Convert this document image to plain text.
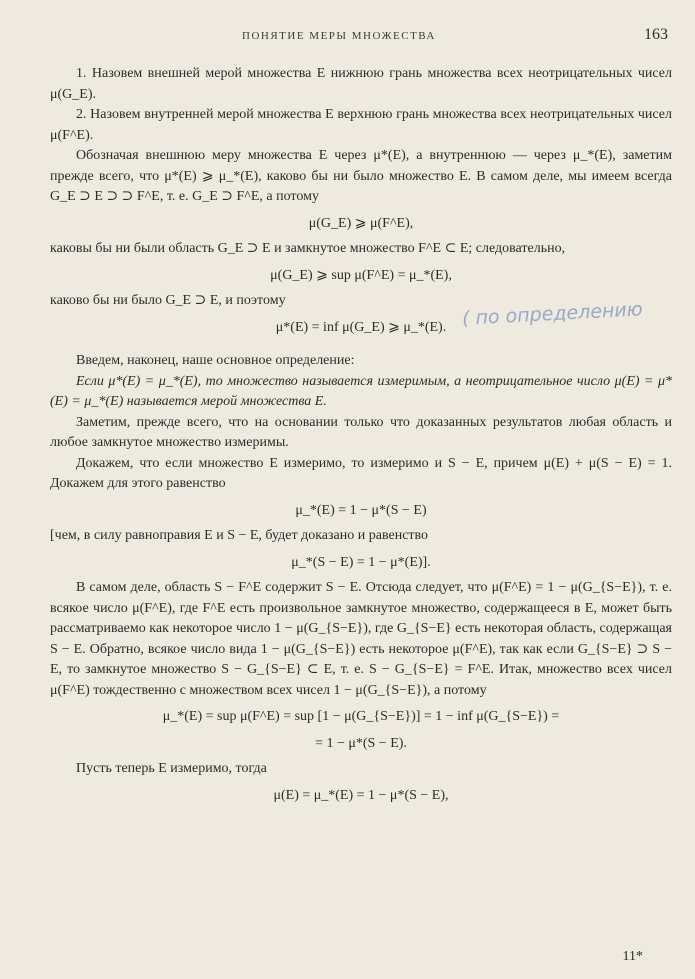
ПОНЯТИЕ МЕРЫ МНОЖЕСТВА	163

1. Назовем внешней мерой множества E нижнюю грань множества всех неотрицательных чисел μ(G_E).

2. Назовем внутренней мерой множества E верхнюю грань множества всех неотрицательных чисел μ(F^E).

Обозначая внешнюю меру множества E через μ*(E), а внутреннюю — через μ_*(E), заметим прежде всего, что μ*(E) ⩾ μ_*(E), каково бы ни было множество E. В самом деле, мы имеем всегда G_E ⊃ E ⊃ ⊃ F^E, т. е. G_E ⊃ F^E, а потому

μ(G_E) ⩾ μ(F^E),

каковы бы ни были область G_E ⊃ E и замкнутое множество F^E ⊂ E; следовательно,

μ(G_E) ⩾ sup μ(F^E) = μ_*(E),

каково бы ни было G_E ⊃ E, и поэтому

μ*(E) = inf μ(G_E) ⩾ μ_*(E).

Введем, наконец, наше основное определение:

Если μ*(E) = μ_*(E), то множество называется измеримым, а неотрицательное число μ(E) = μ*(E) = μ_*(E) называется мерой множества E.

Заметим, прежде всего, что на основании только что доказанных результатов любая область и любое замкнутое множество измеримы.

Докажем, что если множество E измеримо, то измеримо и S − E, причем μ(E) + μ(S − E) = 1. Докажем для этого равенство

μ_*(E) = 1 − μ*(S − E)

[чем, в силу равноправия E и S − E, будет доказано и равенство

μ_*(S − E) = 1 − μ*(E)].

В самом деле, область S − F^E содержит S − E. Отсюда следует, что μ(F^E) = 1 − μ(G_{S−E}), т. е. всякое число μ(F^E), где F^E есть произвольное замкнутое множество, содержащееся в E, может быть рассматриваемо как некоторое число 1 − μ(G_{S−E}), где G_{S−E} есть некоторая область, содержащая S − E. Обратно, всякое число вида 1 − μ(G_{S−E}) есть некоторое μ(F^E), так как если G_{S−E} ⊃ S − E, то замкнутое множество S − G_{S−E} ⊂ E, т. е. S − G_{S−E} = F^E. Итак, множество всех чисел μ(F^E) тождественно с множеством всех чисел 1 − μ(G_{S−E}), а потому

μ_*(E) = sup μ(F^E) = sup [1 − μ(G_{S−E})] = 1 − inf μ(G_{S−E}) =

= 1 − μ*(S − E).

Пусть теперь E измеримо, тогда

μ(E) = μ_*(E) = 1 − μ*(S − E),

( по определению
11*
